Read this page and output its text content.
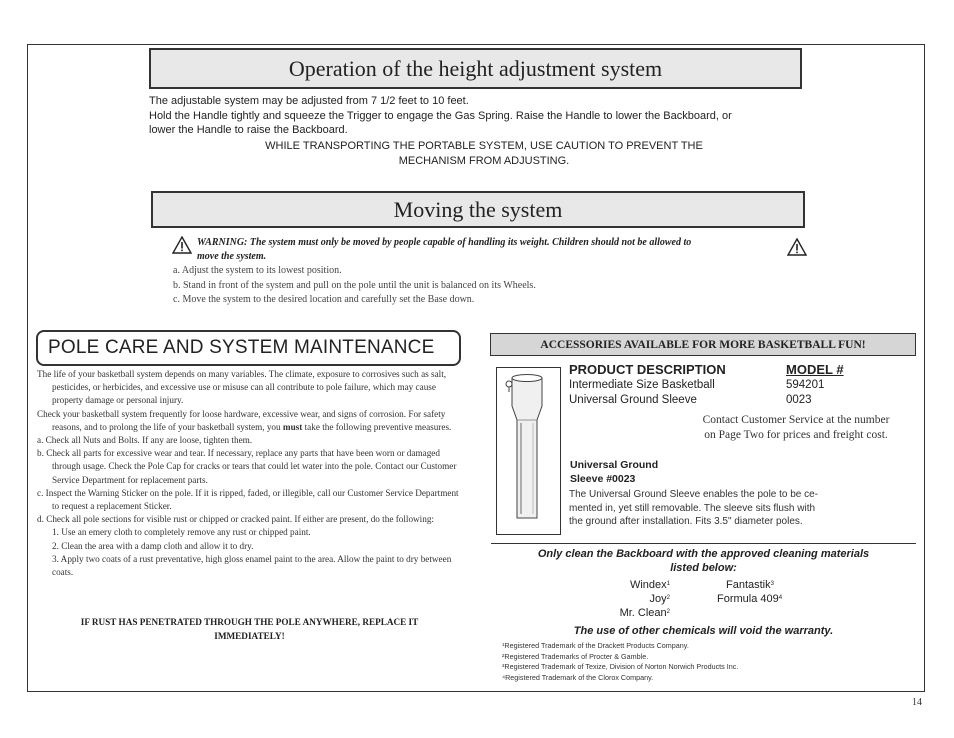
Operation of the height adjustment system
The adjustable system may be adjusted from 7 1/2 feet to 10 feet.
Hold the Handle tightly and squeeze the Trigger to engage the Gas Spring. Raise the Handle to lower the Backboard, or
lower the Handle to raise the Backboard.
WHILE TRANSPORTING THE PORTABLE SYSTEM, USE CAUTION TO PREVENT THE
MECHANISM FROM ADJUSTING.
Moving the system
WARNING: The system must only be moved by people capable of handling its weight. Children should not be allowed to
move the system.
a. Adjust the system to its lowest position.
b. Stand in front of the system and pull on the pole until the unit is balanced on its Wheels.
c. Move the system to the desired location and carefully set the Base down.
POLE CARE AND SYSTEM MAINTENANCE
The life of your basketball system depends on many variables. The climate, exposure to corrosives such as salt, pesticides, or herbicides, and excessive use or misuse can all contribute to pole failure, which may cause property damage or personal injury.
Check your basketball system frequently for loose hardware, excessive wear, and signs of corrosion. For safety reasons, and to prolong the life of your basketball system, you must take the following preventive measures.
a. Check all Nuts and Bolts. If any are loose, tighten them.
b. Check all parts for excessive wear and tear. If necessary, replace any parts that have been worn or damaged through usage. Check the Pole Cap for cracks or tears that could let water into the pole. Contact our Customer Service Department for replacement parts.
c. Inspect the Warning Sticker on the pole. If it is ripped, faded, or illegible, call our Customer Service Department to request a replacement Sticker.
d. Check all pole sections for visible rust or chipped or cracked paint. If either are present, do the following:
1. Use an emery cloth to completely remove any rust or chipped paint.
2. Clean the area with a damp cloth and allow it to dry.
3. Apply two coats of a rust preventative, high gloss enamel paint to the area. Allow the paint to dry between coats.
IF RUST HAS PENETRATED THROUGH THE POLE ANYWHERE, REPLACE IT
IMMEDIATELY!
ACCESSORIES AVAILABLE FOR MORE BASKETBALL FUN!
PRODUCT DESCRIPTION	MODEL #
Intermediate Size Basketball	594201
Universal Ground Sleeve	0023
Contact Customer Service at the number
on Page Two for prices and freight cost.
Universal Ground
Sleeve #0023
The Universal Ground Sleeve enables the pole to be ce-
mented in, yet still removable. The sleeve sits flush with
the ground after installation. Fits 3.5" diameter poles.
Only clean the Backboard with the approved cleaning materials
listed below:
Windex$^1$
Joy$^2$
Mr. Clean$^2$
Fantastik$^3$
Formula $409^4$
The use of other chemicals will void the warranty.
¹Registered Trademark of the Drackett Products Company.
²Registered Trademarks of Procter & Gamble.
³Registered Trademark of Texize, Division of Norton Norwich Products Inc.
⁴Registered Trademark of the Clorox Company.
14
